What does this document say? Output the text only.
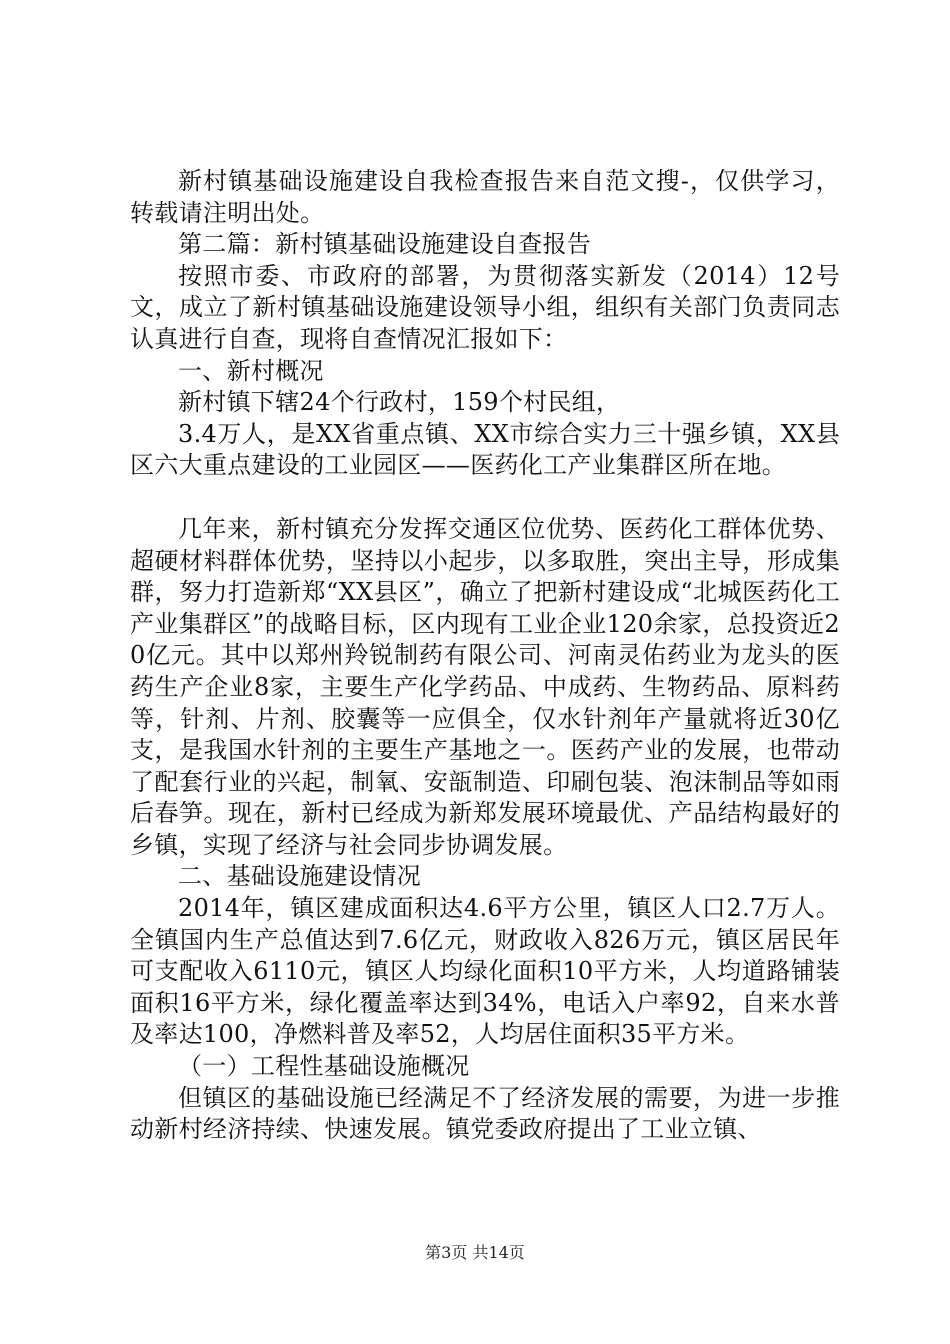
新村镇基础设施建设自我检查报告来自范文搜-，仅供学习，转载请注明出处。

第二篇：新村镇基础设施建设自查报告

按照市委、市政府的部署，为贯彻落实新发（2014）12号文，成立了新村镇基础设施建设领导小组，组织有关部门负责同志认真进行自查，现将自查情况汇报如下：

一、新村概况

新村镇下辖24个行政村，159个村民组，

3.4万人，是XX省重点镇、XX市综合实力三十强乡镇，XX县区六大重点建设的工业园区——医药化工产业集群区所在地。

几年来，新村镇充分发挥交通区位优势、医药化工群体优势、超硬材料群体优势，坚持以小起步，以多取胜，突出主导，形成集群，努力打造新郑“XX县区”，确立了把新村建设成“北城医药化工产业集群区”的战略目标，区内现有工业企业120余家，总投资近20亿元。其中以郑州羚锐制药有限公司、河南灵佑药业为龙头的医药生产企业8家，主要生产化学药品、中成药、生物药品、原料药等，针剂、片剂、胶囊等一应俱全，仅水针剂年产量就将近30亿支，是我国水针剂的主要生产基地之一。医药产业的发展，也带动了配套行业的兴起，制氧、安瓿制造、印刷包装、泡沫制品等如雨后春笋。现在，新村已经成为新郑发展环境最优、产品结构最好的乡镇，实现了经济与社会同步协调发展。

二、基础设施建设情况

2014年，镇区建成面积达4.6平方公里，镇区人口2.7万人。全镇国内生产总值达到7.6亿元，财政收入826万元，镇区居民年可支配收入6110元，镇区人均绿化面积10平方米，人均道路铺装面积16平方米，绿化覆盖率达到34%，电话入户率92，自来水普及率达100，净燃料普及率52，人均居住面积35平方米。

（一）工程性基础设施概况

但镇区的基础设施已经满足不了经济发展的需要，为进一步推动新村经济持续、快速发展。镇党委政府提出了工业立镇、

第3页 共14页
